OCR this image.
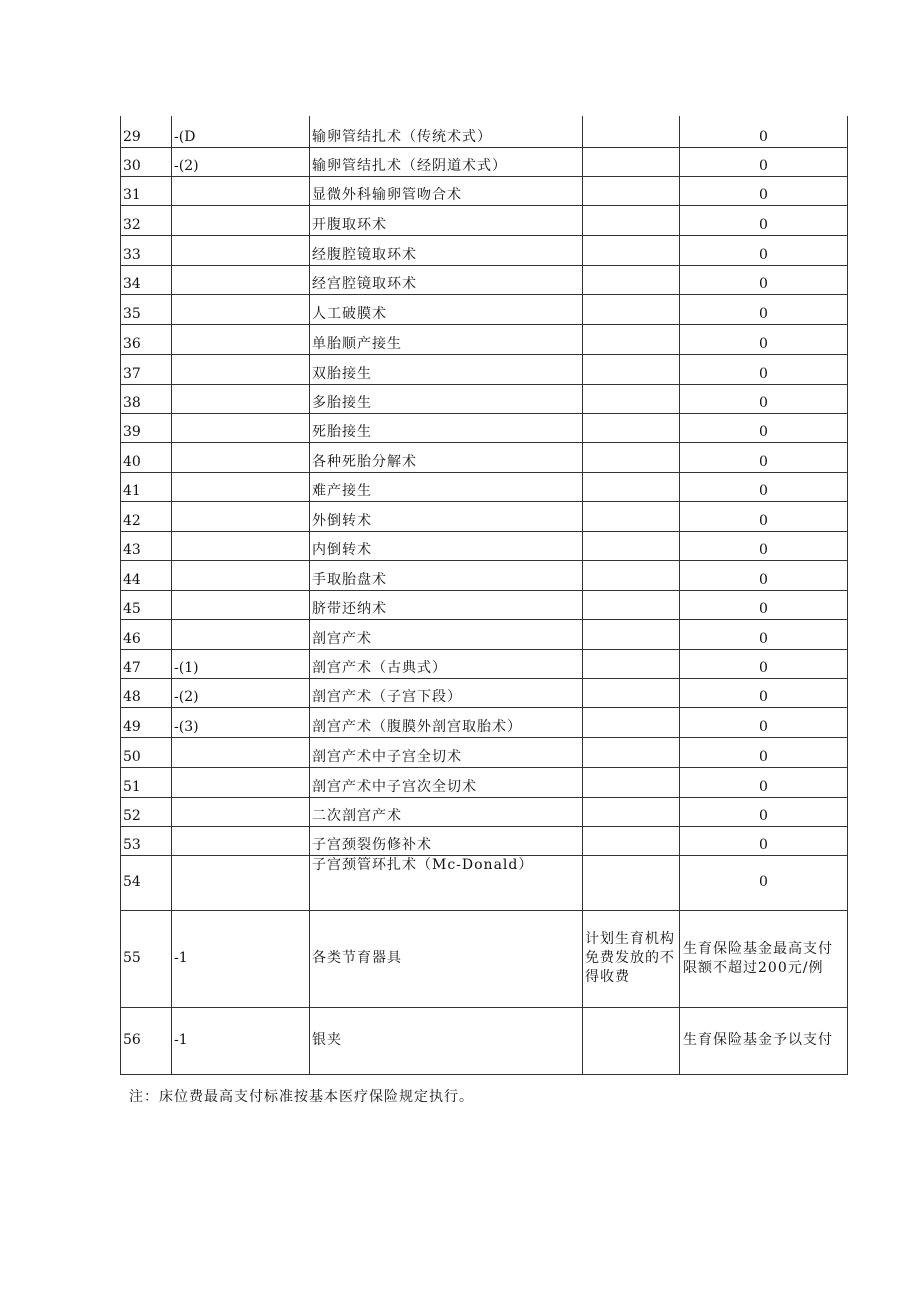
29	-(D	输卵管结扎术（传统术式）		0
30	-(2)	输卵管结扎术（经阴道术式）		0
31		显微外科输卵管吻合术		0
32		开腹取环术		0
33		经腹腔镜取环术		0
34		经宫腔镜取环术		0
35		人工破膜术		0
36		单胎顺产接生		0
37		双胎接生		0
38		多胎接生		0
39		死胎接生		0
40		各种死胎分解术		0
41		难产接生		0
42		外倒转术		0
43		内倒转术		0
44		手取胎盘术		0
45		脐带还纳术		0
46		剖宫产术		0
47	-(1)	剖宫产术（古典式）		0
48	-(2)	剖宫产术（子宫下段）		0
49	-(3)	剖宫产术（腹膜外剖宫取胎术）		0
50		剖宫产术中子宫全切术		0
51		剖宫产术中子宫次全切术		0
52		二次剖宫产术		0
53		子宫颈裂伤修补术		0
54		子宫颈管环扎术（Mc-Donald）		0
55	-1	各类节育器具	计划生育机构免费发放的不得收费	生育保险基金最高支付限额不超过200元/例
56	-1	银夹		生育保险基金予以支付
注：床位费最高支付标准按基本医疗保险规定执行。
